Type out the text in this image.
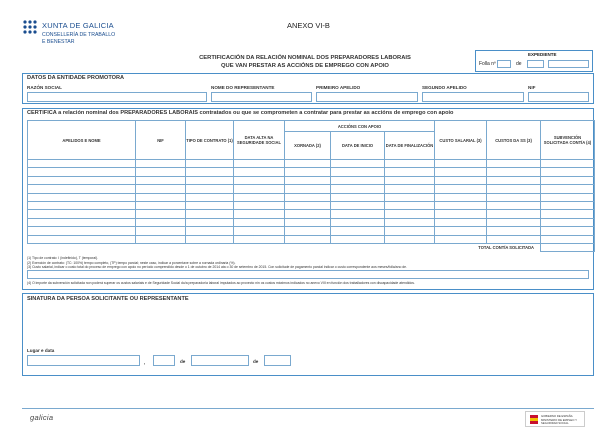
XUNTA DE GALICIA
CONSELLERÍA DE TRABALLO
E BENESTAR
ANEXO VI-B
CERTIFICACIÓN DA RELACIÓN NOMINAL DOS PREPARADORES LABORAIS
QUE VAN PRESTAR AS ACCIÓNS DE EMPREGO CON APOIO
EXPEDIENTE
Folla nº	de
DATOS DA ENTIDADE PROMOTORA
RAZÓN SOCIAL	NOME DO REPRESENTANTE	PRIMEIRO APELIDO	SEGUNDO APELIDO	NIF
CERTIFICA a relación nominal dos PREPARADORES LABORAIS contratados ou que se comprometen a contratar para prestar as accións de emprego con apoio
APELIDOS E NOME	NIF	TIPO DE CONTRATO (1)	DATA ALTA NA SEGURIDADE SOCIAL	ACCIÓNS CON APOIO			CUSTO SALARIAL (3)	CUSTOS DA SS (3)	SUBVENCIÓN SOLICITADA CONTÍA (4)
				XORNADA (2)	DATA DE INICIO	DATA DE FINALIZACIÓN			

TOTAL CONTÍA SOLICITADA									
(1) Tipo de contrato: I (indefinido), T (temporal).
(2) Exención de contrato: (TC: 100%) tempo completo, (TP) tempo parcial; neste caso, indicar a porcentaxe sobre a xornada ordinaria (%).
(3) Custo salarial, indicar o custo total do proceso de emprego con apoio no período comprendido desde o 1 de outubro de 2014 ata o 30 de setembro de 2015. Con solicitude de pagamento parcial indicar o custo correspondente aos meses/folla/ano de.
(4) O importe da subvención solicitada non poderá superar os custos salariais e de Seguridade Social do/a preparador/a laboral imputados ao proxecto nin os custos máximos indicados no anexo VIII en función dos traballadores con discapacidade atendidos.
SINATURA DA PERSOA SOLICITANTE OU REPRESENTANTE
Lugar e data
,	de	de
galicia	GOBIERNO DE ESPAÑA
MINISTERIO DE EMPLEO Y SEGURIDAD SOCIAL
